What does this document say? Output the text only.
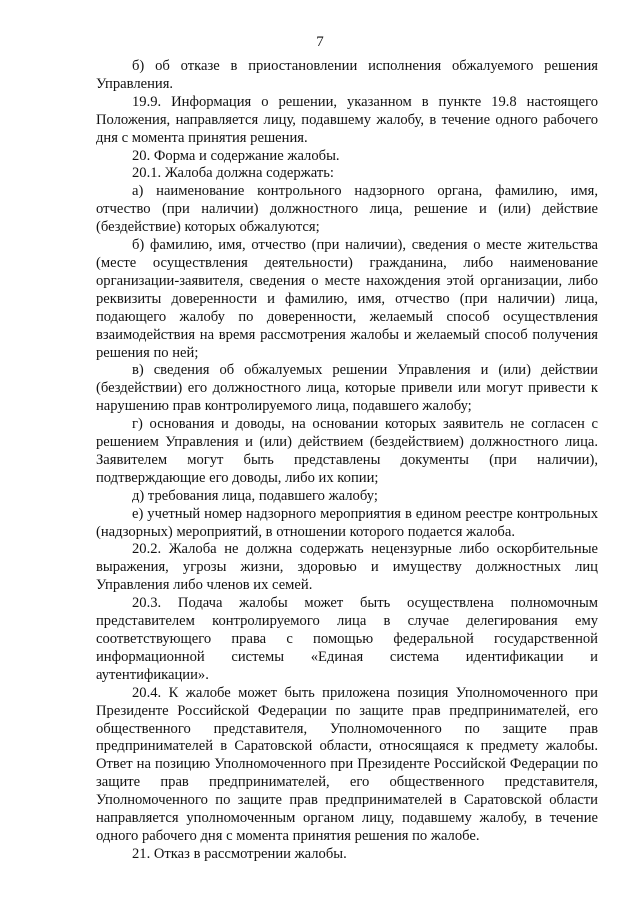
7

б) об отказе в приостановлении исполнения обжалуемого решения Управления.

19.9. Информация о решении, указанном в пункте 19.8 настоящего Положения, направляется лицу, подавшему жалобу, в течение одного рабочего дня с момента принятия решения.

20. Форма и содержание жалобы.

20.1. Жалоба должна содержать:

а) наименование контрольного надзорного органа, фамилию, имя, отчество (при наличии) должностного лица, решение и (или) действие (бездействие) которых обжалуются;

б) фамилию, имя, отчество (при наличии), сведения о месте жительства (месте осуществления деятельности) гражданина, либо наименование организации-заявителя, сведения о месте нахождения этой организации, либо реквизиты доверенности и фамилию, имя, отчество (при наличии) лица, подающего жалобу по доверенности, желаемый способ осуществления взаимодействия на время рассмотрения жалобы и желаемый способ получения решения по ней;

в) сведения об обжалуемых решении Управления и (или) действии (бездействии) его должностного лица, которые привели или могут привести к нарушению прав контролируемого лица, подавшего жалобу;

г) основания и доводы, на основании которых заявитель не согласен с решением Управления и (или) действием (бездействием) должностного лица. Заявителем могут быть представлены документы (при наличии), подтверждающие его доводы, либо их копии;

д) требования лица, подавшего жалобу;

е) учетный номер надзорного мероприятия в едином реестре контрольных (надзорных) мероприятий, в отношении которого подается жалоба.

20.2. Жалоба не должна содержать нецензурные либо оскорбительные выражения, угрозы жизни, здоровью и имуществу должностных лиц Управления либо членов их семей.

20.3. Подача жалобы может быть осуществлена полномочным представителем контролируемого лица в случае делегирования ему соответствующего права с помощью федеральной государственной информационной системы «Единая система идентификации и аутентификации».

20.4. К жалобе может быть приложена позиция Уполномоченного при Президенте Российской Федерации по защите прав предпринимателей, его общественного представителя, Уполномоченного по защите прав предпринимателей в Саратовской области, относящаяся к предмету жалобы. Ответ на позицию Уполномоченного при Президенте Российской Федерации по защите прав предпринимателей, его общественного представителя, Уполномоченного по защите прав предпринимателей в Саратовской области направляется уполномоченным органом лицу, подавшему жалобу, в течение одного рабочего дня с момента принятия решения по жалобе.

21. Отказ в рассмотрении жалобы.
